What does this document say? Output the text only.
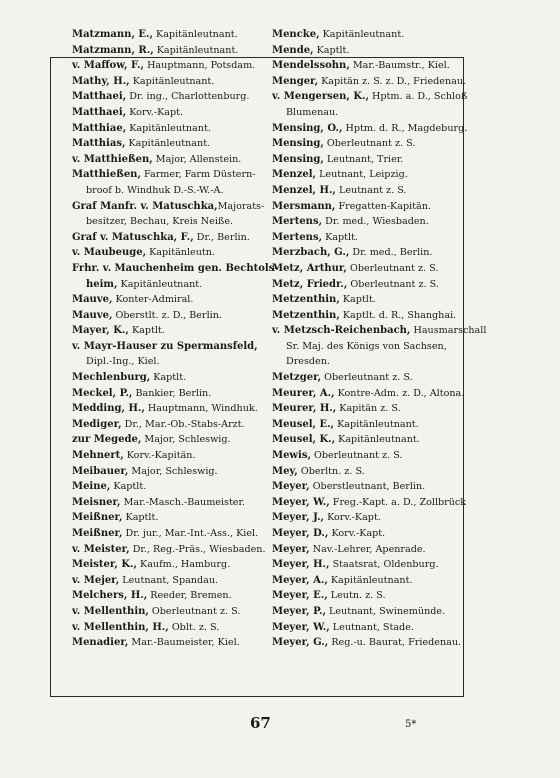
Matzmann, E., Kapitänleutnant.
Matzmann, R., Kapitänleutnant.
v. Maffow, F., Hauptmann, Potsdam.
Mathy, H., Kapitänleutnant.
Matthaei, Dr. ing., Charlottenburg.
Matthaei, Korv.-Kapt.
Matthiae, Kapitänleutnant.
Matthias, Kapitänleutnant.
v. Matthießen, Major, Allenstein.
Matthießen, Farmer, Farm Düstern-
broof b. Windhuk D.-S.-W.-A.
Graf Manfr. v. Matuschka,Majorats-
besitzer, Bechau, Kreis Neiße.
Graf v. Matuschka, F., Dr., Berlin.
v. Maubeuge, Kapitänleutn.
Frhr. v. Mauchenheim gen. Bechtols-
heim, Kapitänleutnant.
Mauve, Konter-Admiral.
Mauve, Oberstlt. z. D., Berlin.
Mayer, K., Kaptlt.
v. Mayr-Hauser zu Spermansfeld,
Dipl.-Ing., Kiel.
Mechlenburg, Kaptlt.
Meckel, P., Bankier, Berlin.
Medding, H., Hauptmann, Windhuk.
Mediger, Dr., Mar.-Ob.-Stabs-Arzt.
zur Megede, Major, Schleswig.
Mehnert, Korv.-Kapitän.
Meibauer, Major, Schleswig.
Meine, Kaptlt.
Meisner, Mar.-Masch.-Baumeister.
Meißner, Kaptlt.
Meißner, Dr. jur., Mar.-Int.-Ass., Kiel.
v. Meister, Dr., Reg.-Präs., Wiesbaden.
Meister, K., Kaufm., Hamburg.
v. Mejer, Leutnant, Spandau.
Melchers, H., Reeder, Bremen.
v. Mellenthin, Oberleutnant z. S.
v. Mellenthin, H., Oblt. z. S.
Menadier, Mar.-Baumeister, Kiel.
Mencke, Kapitänleutnant.
Mende, Kaptlt.
Mendelssohn, Mar.-Baumstr., Kiel.
Menger, Kapitän z. S. z. D., Friedenau.
v. Mengersen, K., Hptm. a. D., Schloß
Blumenau.
Mensing, O., Hptm. d. R., Magdeburg.
Mensing, Oberleutnant z. S.
Mensing, Leutnant, Trier.
Menzel, Leutnant, Leipzig.
Menzel, H., Leutnant z. S.
Mersmann, Fregatten-Kapitän.
Mertens, Dr. med., Wiesbaden.
Mertens, Kaptlt.
Merzbach, G., Dr. med., Berlin.
Metz, Arthur, Oberleutnant z. S.
Metz, Friedr., Oberleutnant z. S.
Metzenthin, Kaptlt.
Metzenthin, Kaptlt. d. R., Shanghai.
v. Metzsch-Reichenbach, Hausmarschall
Sr. Maj. des Königs von Sachsen,
Dresden.
Metzger, Oberleutnant z. S.
Meurer, A., Kontre-Adm. z. D., Altona.
Meurer, H., Kapitän z. S.
Meusel, E., Kapitänleutnant.
Meusel, K., Kapitänleutnant.
Mewis, Oberleutnant z. S.
Mey, Oberltn. z. S.
Meyer, Oberstleutnant, Berlin.
Meyer, W., Freg.-Kapt. a. D., Zollbrück
Meyer, J., Korv.-Kapt.
Meyer, D., Korv.-Kapt.
Meyer, Nav.-Lehrer, Apenrade.
Meyer, H., Staatsrat, Oldenburg.
Meyer, A., Kapitänleutnant.
Meyer, E., Leutn. z. S.
Meyer, P., Leutnant, Swinemünde.
Meyer, W., Leutnant, Stade.
Meyer, G., Reg.-u. Baurat, Friedenau.
67	5*
